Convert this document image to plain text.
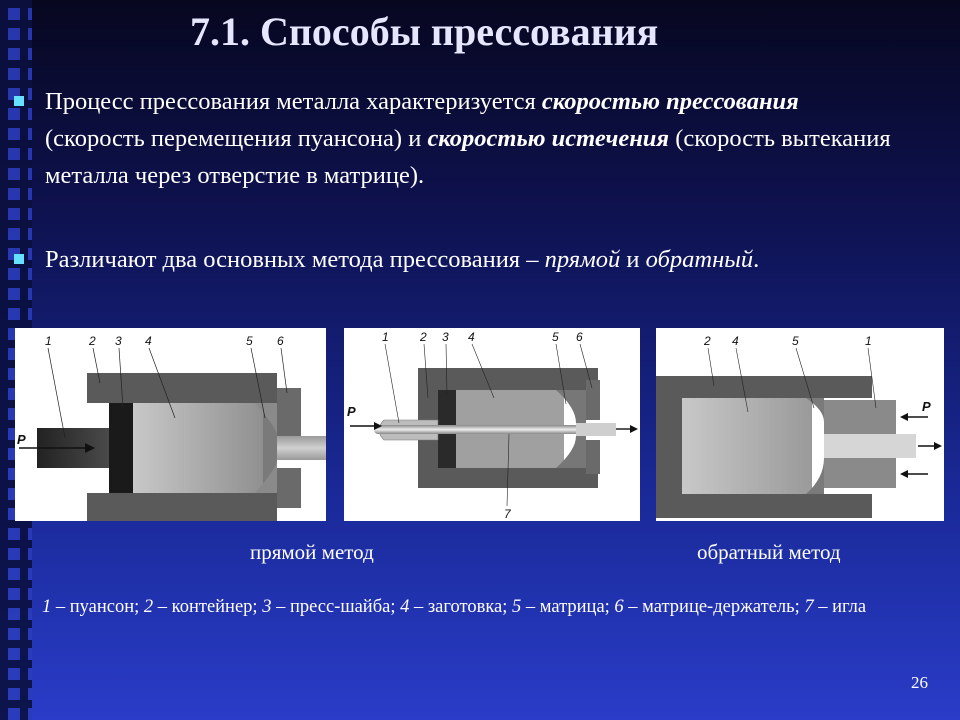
7.1. Способы прессования
Процесс прессования металла характеризуется скоростью прессования (скорость перемещения пуансона) и скоростью истечения (скорость вытекания металла через отверстие в матрице).
Различают два основных метода прессования – прямой и обратный.
P
1	2 3 4	5 6
P
1	2 3 4	5 6
7
P
2 4	5	1
прямой метод	обратный метод
1 – пуансон; 2 – контейнер; 3 – пресс-шайба; 4 – заготовка; 5 – матрица; 6 – матрице-держатель; 7 – игла
26
